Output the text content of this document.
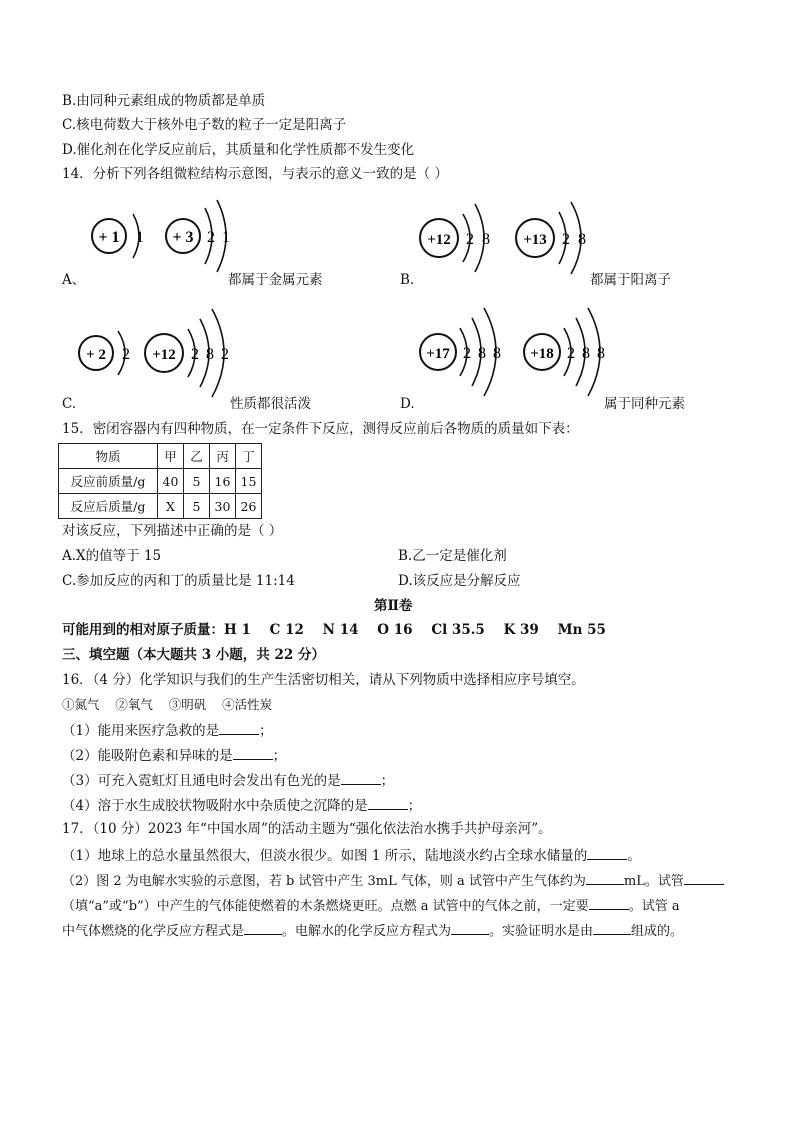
B.由同种元素组成的物质都是单质
C.核电荷数大于核外电子数的粒子一定是阳离子
D.催化剂在化学反应前后，其质量和化学性质都不发生变化
14．分析下列各组微粒结构示意图，与表示的意义一致的是（ ）
+ 1 1 + 3 2 1
A、	都属于金属元素
+12 2 8 +13 2 8
B.	都属于阳离子
+ 2 2 +12 2 8 2
C.	性质都很活泼
+17 2 8 8 +18 2 8 8
D.	属于同种元素
15．密闭容器内有四种物质，在一定条件下反应，测得反应前后各物质的质量如下表：
物质	甲	乙	丙	丁
反应前质量/g	40	5	16	15
反应后质量/g	X	5	30	26
对该反应，下列描述中正确的是（ ）
A.X的值等于 15	B.乙一定是催化剂
C.参加反应的丙和丁的质量比是 11:14	D.该反应是分解反应
第Ⅱ卷
可能用到的相对原子质量：H 1    C 12    N 14    O 16    Cl 35.5    K 39    Mn 55
三、填空题（本大题共 3 小题，共 22 分）
16．（4 分）化学知识与我们的生产生活密切相关，请从下列物质中选择相应序号填空。
①氮气    ②氧气    ③明矾    ④活性炭
（1）能用来医疗急救的是	；
（2）能吸附色素和异味的是	；
（3）可充入霓虹灯且通电时会发出有色光的是	；
（4）溶于水生成胶状物吸附水中杂质使之沉降的是	；
17．（10 分）2023 年“中国水周”的活动主题为“强化依法治水携手共护母亲河”。
（1）地球上的总水量虽然很大，但淡水很少。如图 1 所示，陆地淡水约占全球水储量的	。
（2）图 2 为电解水实验的示意图，若 b 试管中产生 3mL 气体，则 a 试管中产生气体约为	mL。试管
（填“a”或“b”）中产生的气体能使燃着的木条燃烧更旺。点燃 a 试管中的气体之前，一定要	。试管 a
中气体燃烧的化学反应方程式是	。电解水的化学反应方程式为	。实验证明水是由	组成的。
